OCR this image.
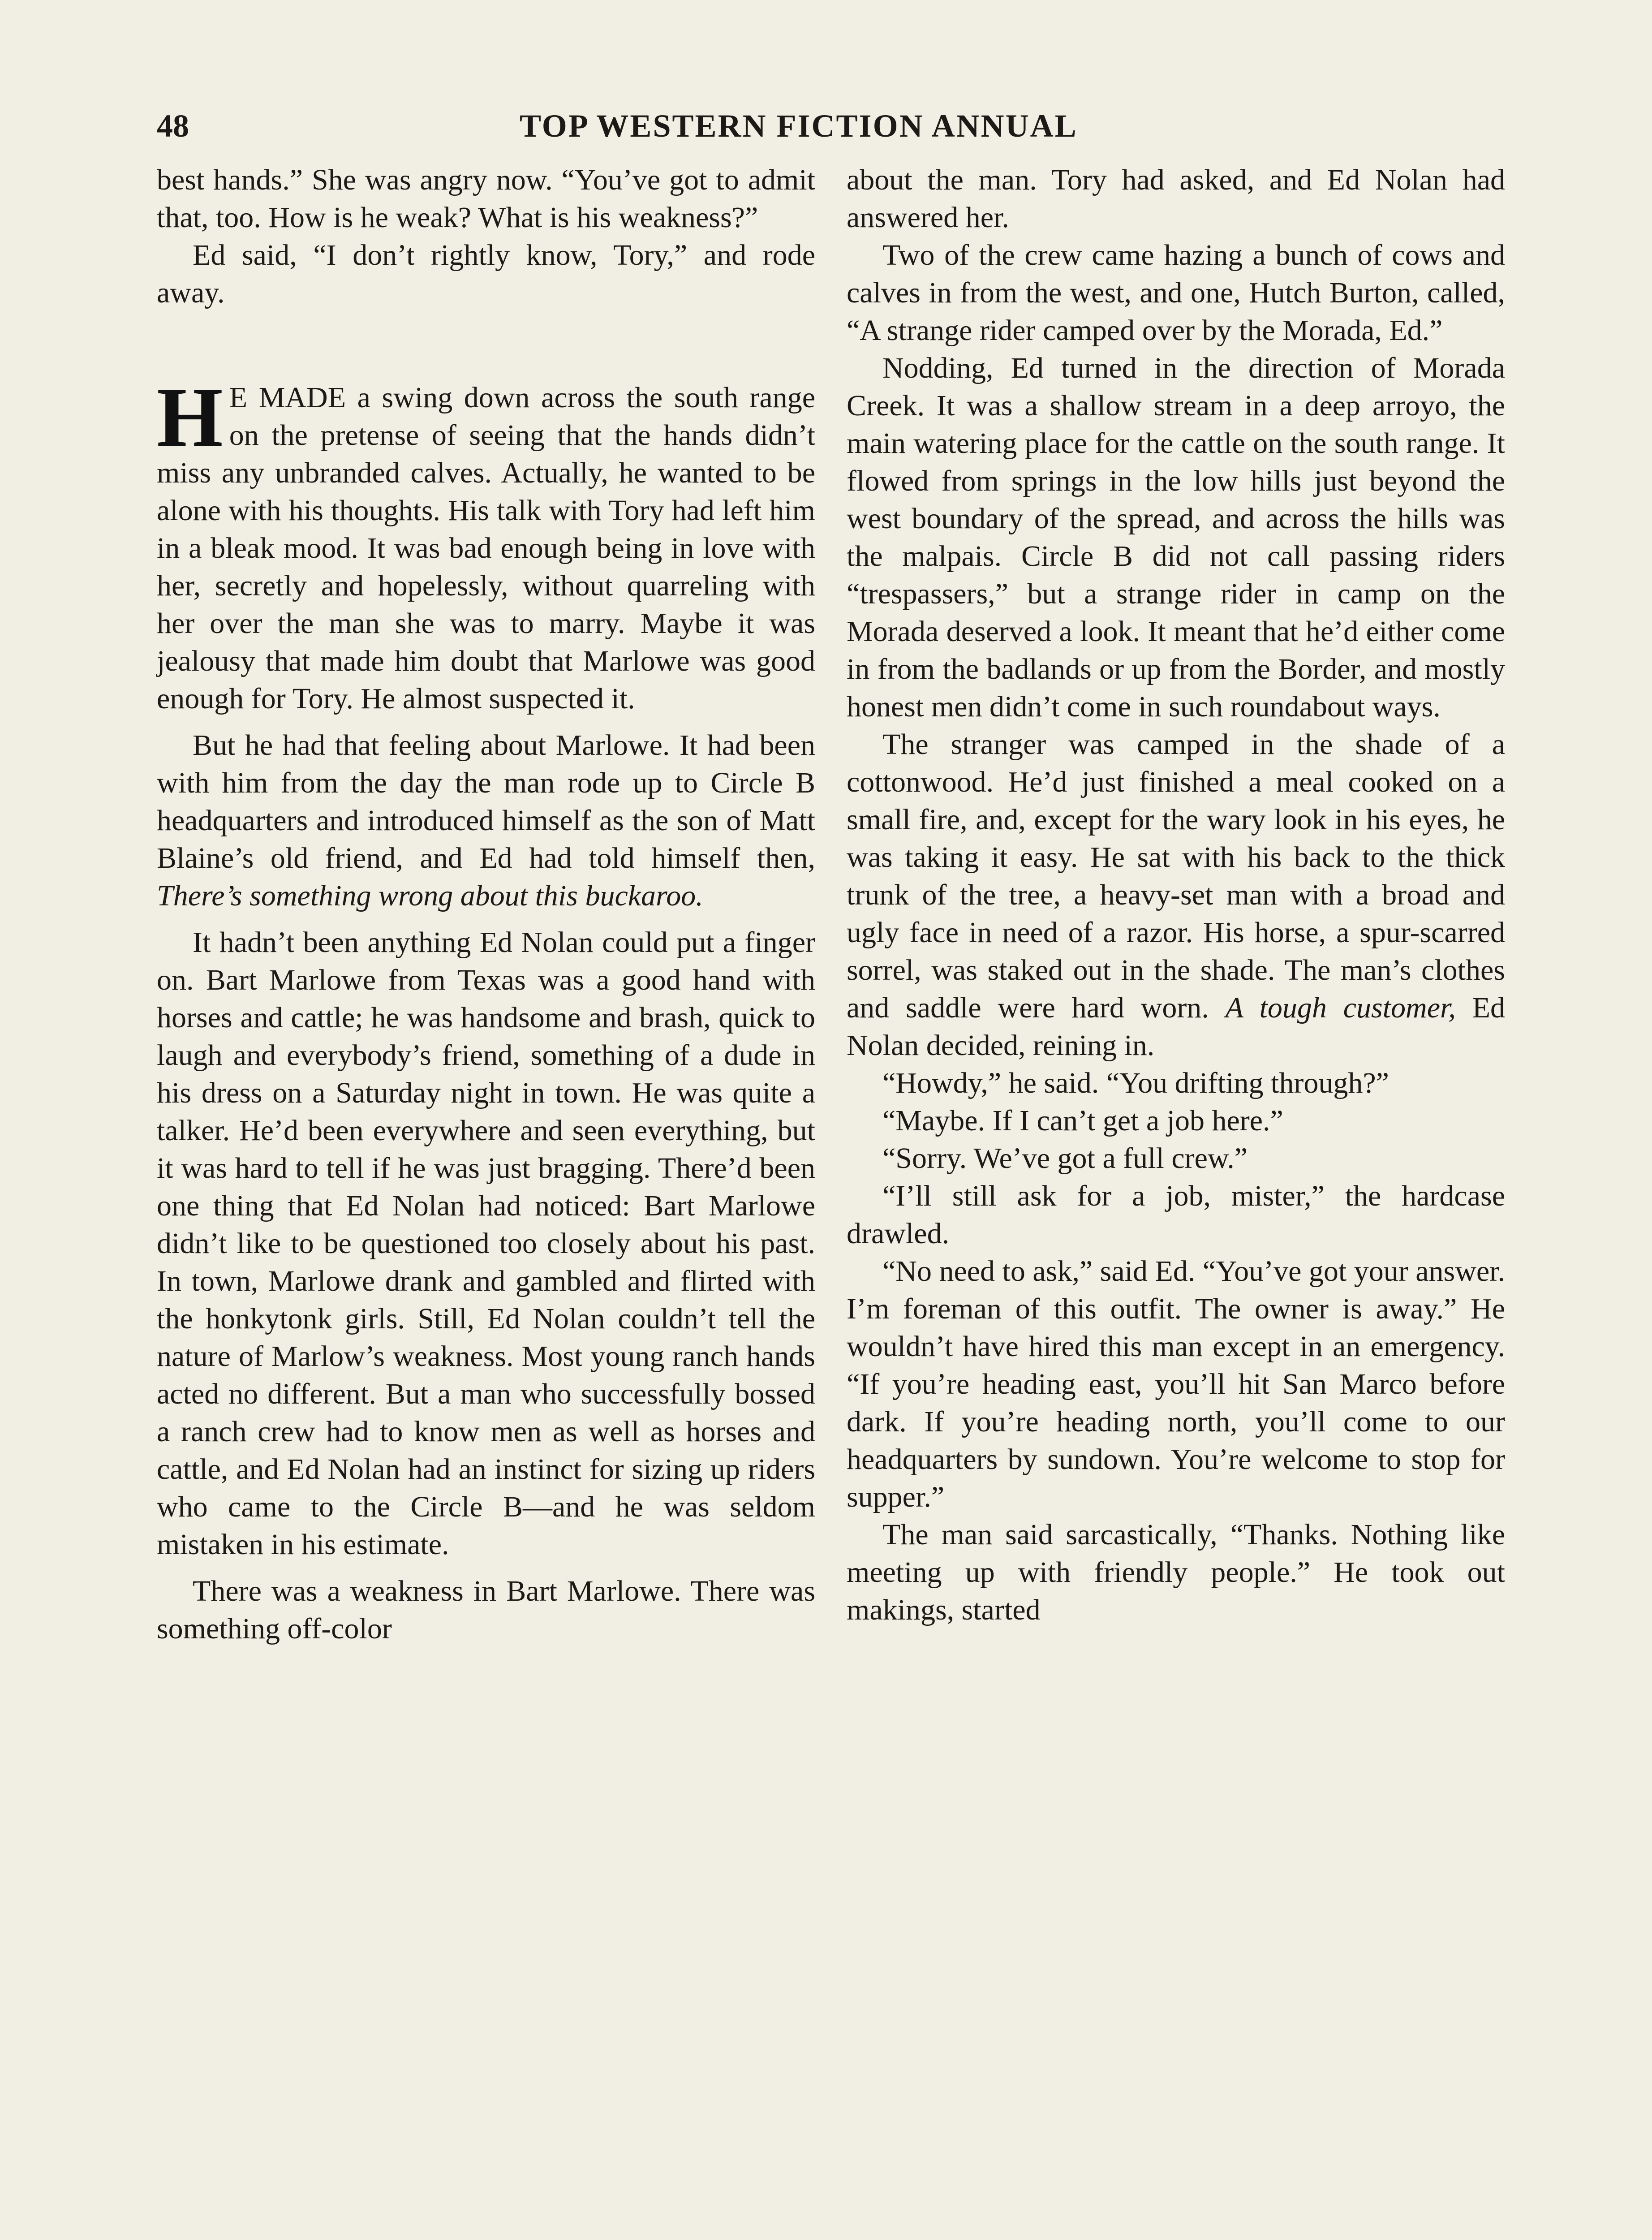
48	TOP WESTERN FICTION ANNUAL

best hands.” She was angry now. “You’ve got to admit that, too. How is he weak? What is his weakness?”

Ed said, “I don’t rightly know, Tory,” and rode away.

H E MADE a swing down across the south range on the pretense of seeing that the hands didn’t miss any unbranded calves. Actually, he wanted to be alone with his thoughts. His talk with Tory had left him in a bleak mood. It was bad enough being in love with her, secretly and hopelessly, without quarreling with her over the man she was to marry. Maybe it was jealousy that made him doubt that Marlowe was good enough for Tory. He almost suspected it.

But he had that feeling about Marlowe. It had been with him from the day the man rode up to Circle B headquarters and introduced himself as the son of Matt Blaine’s old friend, and Ed had told himself then, There’s something wrong about this buckaroo.

It hadn’t been anything Ed Nolan could put a finger on. Bart Marlowe from Texas was a good hand with horses and cattle; he was handsome and brash, quick to laugh and everybody’s friend, something of a dude in his dress on a Saturday night in town. He was quite a talker. He’d been everywhere and seen everything, but it was hard to tell if he was just bragging. There’d been one thing that Ed Nolan had noticed: Bart Marlowe didn’t like to be questioned too closely about his past. In town, Marlowe drank and gambled and flirted with the honkytonk girls. Still, Ed Nolan couldn’t tell the nature of Marlow’s weakness. Most young ranch hands acted no different. But a man who successfully bossed a ranch crew had to know men as well as horses and cattle, and Ed Nolan had an instinct for sizing up riders who came to the Circle B—and he was seldom mistaken in his estimate.

There was a weakness in Bart Marlowe. There was something off-color

about the man. Tory had asked, and Ed Nolan had answered her.

Two of the crew came hazing a bunch of cows and calves in from the west, and one, Hutch Burton, called, “A strange rider camped over by the Morada, Ed.”

Nodding, Ed turned in the direction of Morada Creek. It was a shallow stream in a deep arroyo, the main watering place for the cattle on the south range. It flowed from springs in the low hills just beyond the west boundary of the spread, and across the hills was the malpais. Circle B did not call passing riders “trespassers,” but a strange rider in camp on the Morada deserved a look. It meant that he’d either come in from the badlands or up from the Border, and mostly honest men didn’t come in such roundabout ways.

The stranger was camped in the shade of a cottonwood. He’d just finished a meal cooked on a small fire, and, except for the wary look in his eyes, he was taking it easy. He sat with his back to the thick trunk of the tree, a heavy-set man with a broad and ugly face in need of a razor. His horse, a spur-scarred sorrel, was staked out in the shade. The man’s clothes and saddle were hard worn. A tough customer, Ed Nolan decided, reining in.

“Howdy,” he said. “You drifting through?”

“Maybe. If I can’t get a job here.”

“Sorry. We’ve got a full crew.”

“I’ll still ask for a job, mister,” the hardcase drawled.

“No need to ask,” said Ed. “You’ve got your answer. I’m foreman of this outfit. The owner is away.” He wouldn’t have hired this man except in an emergency. “If you’re heading east, you’ll hit San Marco before dark. If you’re heading north, you’ll come to our headquarters by sundown. You’re welcome to stop for supper.”

The man said sarcastically, “Thanks. Nothing like meeting up with friendly people.” He took out makings, started
